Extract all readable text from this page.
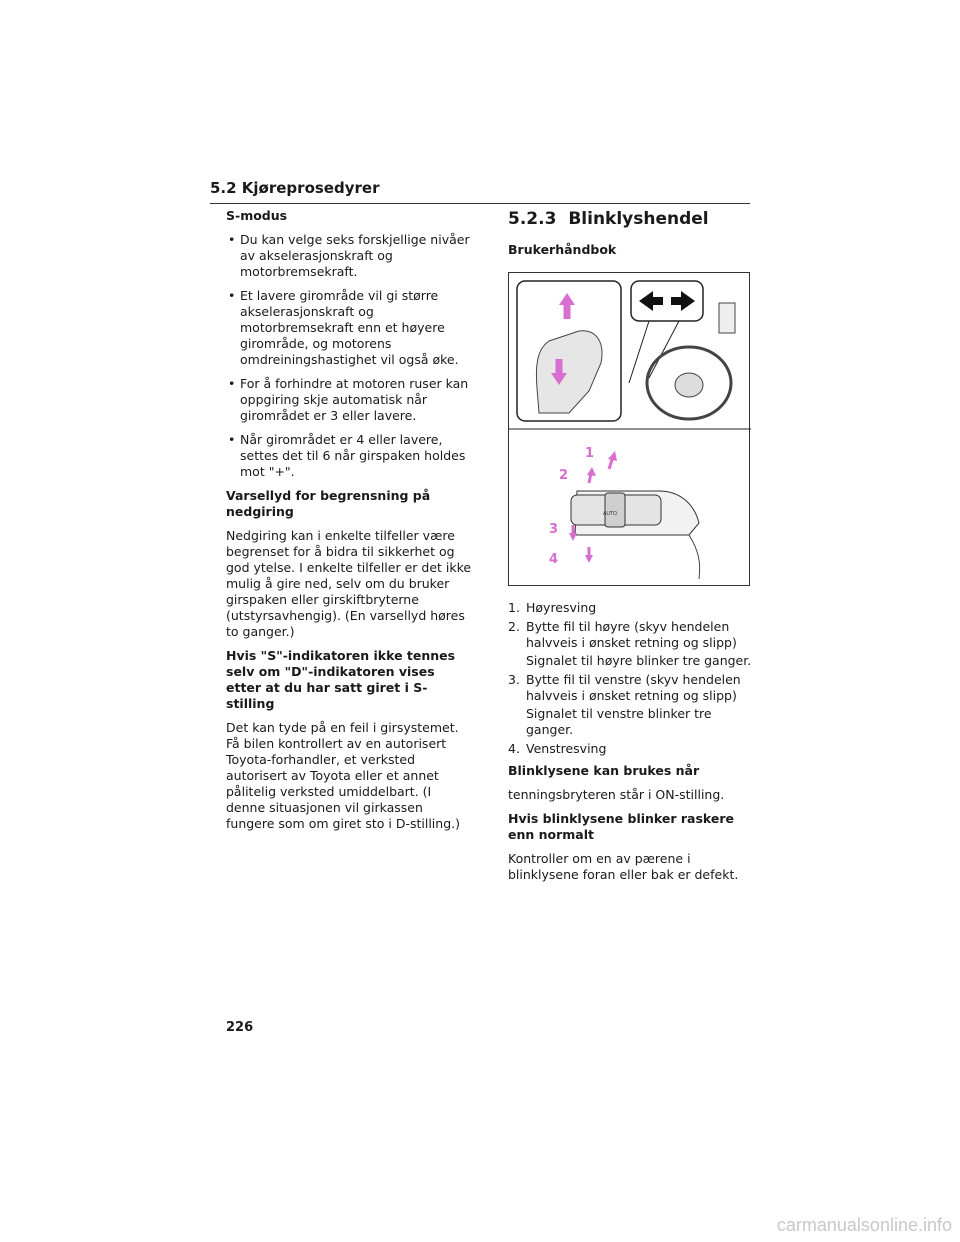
5.2 Kjøreprosedyrer
S-modus
• Du kan velge seks forskjellige nivåer av akselerasjonskraft og motorbremsekraft.
• Et lavere girområde vil gi større akselerasjonskraft og motorbremsekraft enn et høyere girområde, og motorens omdreiningshastighet vil også øke.
• For å forhindre at motoren ruser kan oppgiring skje automatisk når girområdet er 3 eller lavere.
• Når girområdet er 4 eller lavere, settes det til 6 når girspaken holdes mot "+".
Varsellyd for begrensning på nedgiring
Nedgiring kan i enkelte tilfeller være begrenset for å bidra til sikkerhet og god ytelse. I enkelte tilfeller er det ikke mulig å gire ned, selv om du bruker girspaken eller girskiftbryterne (utstyrsavhengig). (En varsellyd høres to ganger.)
Hvis "S"-indikatoren ikke tennes selv om "D"-indikatoren vises etter at du har satt giret i S-stilling
Det kan tyde på en feil i girsystemet. Få bilen kontrollert av en autorisert Toyota-forhandler, et verksted autorisert av Toyota eller et annet pålitelig verksted umiddelbart. (I denne situasjonen vil girkassen fungere som om giret sto i D-stilling.)
5.2.3 Blinklyshendel
Brukerhåndbok
AUTO
1
2
3
4
1. Høyresving
2. Bytte fil til høyre (skyv hendelen halvveis i ønsket retning og slipp)
Signalet til høyre blinker tre ganger.
3. Bytte fil til venstre (skyv hendelen halvveis i ønsket retning og slipp)
Signalet til venstre blinker tre ganger.
4. Venstresving
Blinklysene kan brukes når
tenningsbryteren står i ON-stilling.
Hvis blinklysene blinker raskere enn normalt
Kontroller om en av pærene i blinklysene foran eller bak er defekt.
226
carmanualsonline.info
